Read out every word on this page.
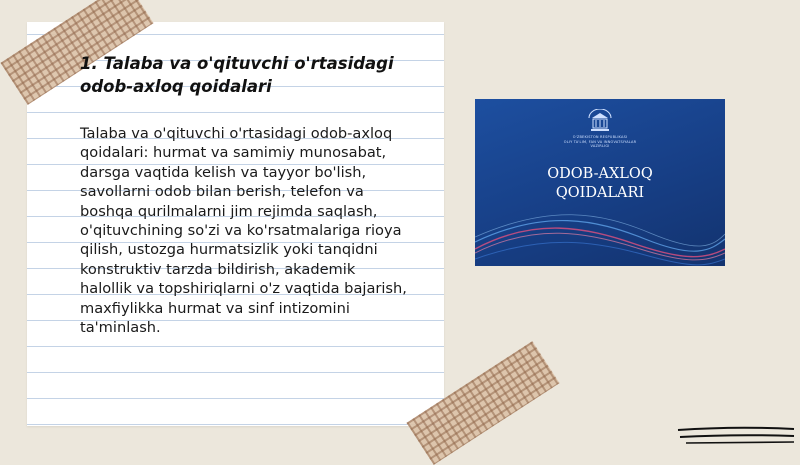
1. Talaba va o'qituvchi o'rtasidagi
odob-axloq qoidalari
Talaba va o'qituvchi o'rtasidagi odob-axloq
qoidalari: hurmat va samimiy munosabat,
darsga vaqtida kelish va tayyor bo'lish,
savollarni odob bilan berish, telefon va
boshqa qurilmalarni jim rejimda saqlash,
o'qituvchining so'zi va ko'rsatmalariga rioya
qilish, ustozga hurmatsizlik yoki tanqidni
konstruktiv tarzda bildirish, akademik
halollik va topshiriqlarni o'z vaqtida bajarish,
maxfiylikka hurmat va sinf intizomini
ta'minlash.
O'ZBEKISTON RESPUBLIKASI
OLIY TA'LIM, FAN VA INNOVATSIYALAR
VAZIRLIGI
ODOB-AXLOQ
QOIDALARI
